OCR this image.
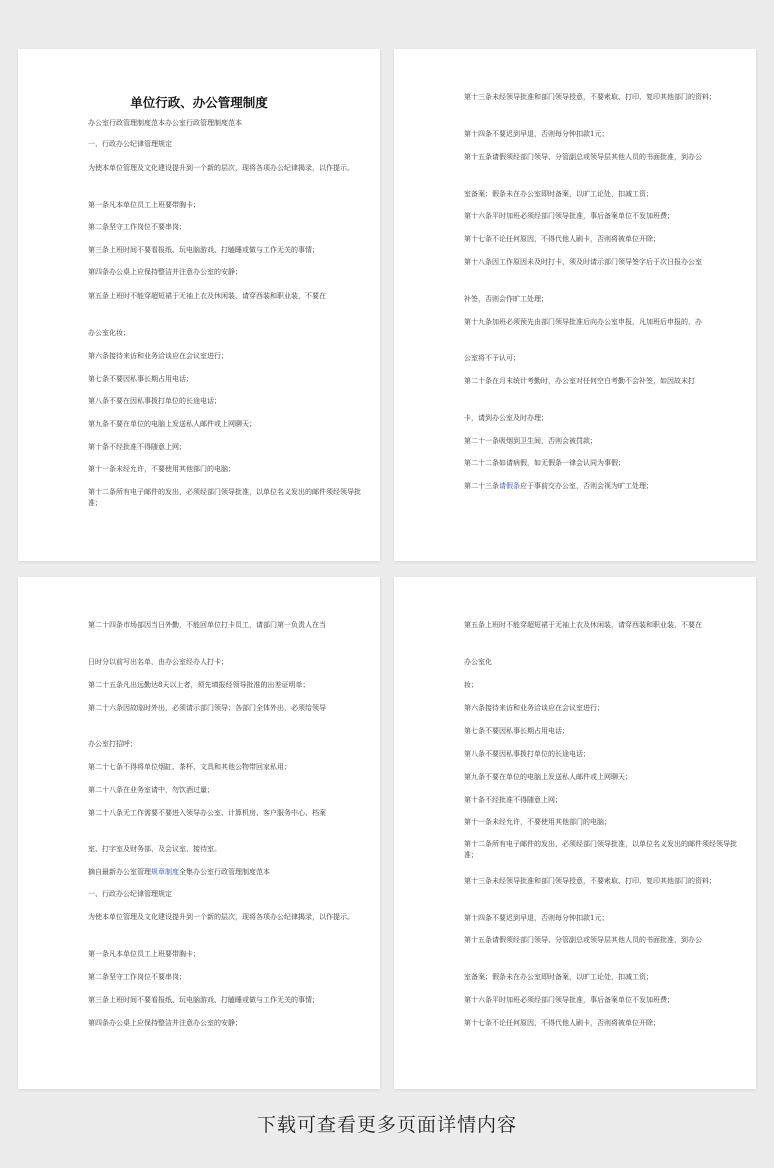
单位行政、办公管理制度
办公室行政管理制度范本办公室行政管理制度范本
一、行政办公纪律管理规定
为使本单位管理及文化建设提升到一个新的层次，现将各项办公纪律揭录，以作提示。
第一条凡本单位员工上班要带胸卡；
第二条坚守工作岗位不要串岗；
第三条上班时间不要看报纸、玩电脑游戏、打瞌睡或做与工作无关的事情；
第四条办公桌上应保持整洁并注意办公室的安静；
第五条上班时不能穿超短裙于无袖上衣及休闲装，请穿西装和职业装，不要在
办公室化妆；
第六条接待来访和业务洽谈应在会议室进行；
第七条不要因私事长期占用电话；
第八条不要在因私事拨打单位的长途电话；
第九条不要在单位的电脑上发送私人邮件或上网聊天；
第十条不经批准不得随意上网；
第十一条未经允许，不要使用其他部门的电脑；
第十二条所有电子邮件的发出，必须经部门领导批准，以单位名义发出的邮件须经领导批准；
第十三条未经领导批准和部门领导授意，不要索取、打印、复印其他部门的资料；
第十四条不要迟到早退，否则每分钟扣款1元；
第十五条请假须经部门领导、分管副总或领导层其他人员的书面批准，到办公
室备案；假条未在办公室即时备案，以旷工论处，扣减工资；
第十六条平时加班必须经部门领导批准，事后备案单位不发加班费；
第十七条不论任何原因，不得代他人刷卡，否则将被单位开除；
第十八条因工作原因未及时打卡，须及时请示部门领导签字后于次日报办公室
补签，否则会作旷工处理；
第十九条加班必须预先由部门领导批准后向办公室申报，凡加班后申报的，办
公室将不予认可；
第二十条在月末统计考勤时，办公室对任何空白考勤不会补签，如因故未打
卡，请到办公室及时办理；
第二十一条吸烟到卫生间，否则会被罚款；
第二十二条如请病假，如无假条一律会认同为事假；
第二十三条请假条应于事前交办公室，否则会视为旷工处理；
第二十四条市场部因当日外勤，不能回单位打卡员工，请部门第一负责人在当
日时分以前写出名单，由办公室经办人打卡；
第二十五条凡出远勤达8天以上者，须先填报经领导批准的出差证明单；
第二十六条因故临时外出，必须请示部门领导；各部门全体外出，必须给领导
办公室打招呼；
第二十七条不得将单位烟缸、茶杯、文具和其他公物带回家私用；
第二十八条在业务室请中，勿饮酒过量；
第二十八条无工作需要不要进入领导办公室、计算机房、客户服务中心、档案
室、打字室及财务部、及会议室、接待室。
摘自最新办公室管理规章制度全集办公室行政管理制度范本
一、行政办公纪律管理规定
为使本单位管理及文化建设提升到一个新的层次，现将各项办公纪律揭录，以作提示。
第一条凡本单位员工上班要带胸卡；
第二条坚守工作岗位不要串岗；
第三条上班时间不要看报纸、玩电脑游戏、打瞌睡或做与工作无关的事情；
第四条办公桌上应保持整洁并注意办公室的安静；
第五条上班时不能穿超短裙于无袖上衣及休闲装，请穿西装和职业装，不要在
办公室化
妆；
第六条接待来访和业务洽谈应在会议室进行；
第七条不要因私事长期占用电话；
第八条不要因私事拨打单位的长途电话；
第九条不要在单位的电脑上发送私人邮件或上网聊天；
第十条不经批准不得随意上网；
第十一条未经允许，不要使用其他部门的电脑；
第十二条所有电子邮件的发出，必须经部门领导批准，以单位名义发出的邮件须经领导批准；
第十三条未经领导批准和部门领导授意，不要索取、打印、复印其他部门的资料；
第十四条不要迟到早退，否则每分钟扣款1元；
第十五条请假须经部门领导、分管副总或领导层其他人员的书面批准，到办公
室备案；假条未在办公室即时备案，以旷工论处，扣减工资；
第十六条平时加班必须经部门领导批准，事后备案单位不发加班费；
第十七条不论任何原因，不得代他人刷卡，否则将被单位开除；
下载可查看更多页面详情内容
